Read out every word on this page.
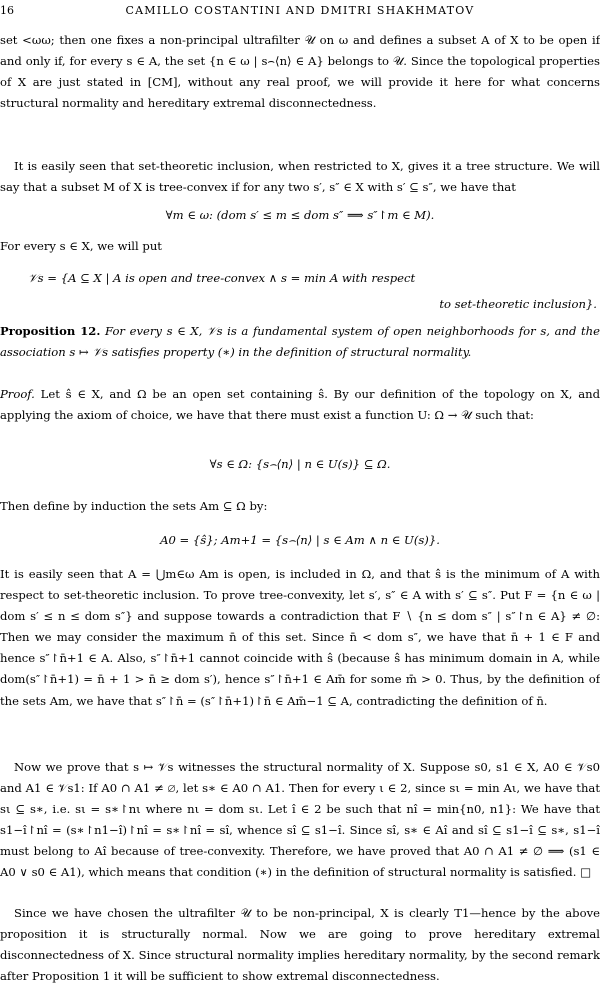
16	CAMILLO COSTANTINI AND DMITRI SHAKHMATOV

set <ωω; then one fixes a non-principal ultrafilter 𝒰 on ω and defines a subset A of X to be open if and only if, for every s ∈ A, the set {n ∈ ω | s⌢⟨n⟩ ∈ A} belongs to 𝒰. Since the topological properties of X are just stated in [CM], without any real proof, we will provide it here for what concerns structural normality and hereditary extremal disconnectedness.

It is easily seen that set-theoretic inclusion, when restricted to X, gives it a tree structure. We will say that a subset M of X is tree-convex if for any two s′, s″ ∈ X with s′ ⊆ s″, we have that

∀m ∈ ω: (dom s′ ≤ m ≤ dom s″ ⟹ s″↾m ∈ M).

For every s ∈ X, we will put

𝒱s = {A ⊆ X | A is open and tree-convex ∧ s = min A with respect
to set-theoretic inclusion}.

Proposition 12. For every s ∈ X, 𝒱s is a fundamental system of open neighborhoods for s, and the association s ↦ 𝒱s satisfies property (∗) in the definition of structural normality.

Proof. Let ŝ ∈ X, and Ω be an open set containing ŝ. By our definition of the topology on X, and applying the axiom of choice, we have that there must exist a function U: Ω → 𝒰 such that:

∀s ∈ Ω: {s⌢⟨n⟩ | n ∈ U(s)} ⊆ Ω.

Then define by induction the sets Am ⊆ Ω by:

A0 = {ŝ}; Am+1 = {s⌢⟨n⟩ | s ∈ Am ∧ n ∈ U(s)}.

It is easily seen that A = ⋃m∈ω Am is open, is included in Ω, and that ŝ is the minimum of A with respect to set-theoretic inclusion. To prove tree-convexity, let s′, s″ ∈ A with s′ ⊆ s″. Put F = {n ∈ ω | dom s′ ≤ n ≤ dom s″} and suppose towards a contradiction that F ∖ {n ≤ dom s″ | s″↾n ∈ A} ≠ ∅: Then we may consider the maximum n̄ of this set. Since n̄ < dom s″, we have that n̄ + 1 ∈ F and hence s″↾n̄+1 ∈ A. Also, s″↾n̄+1 cannot coincide with ŝ (because ŝ has minimum domain in A, while dom(s″↾n̄+1) = n̄ + 1 > n̄ ≥ dom s′), hence s″↾n̄+1 ∈ Am̄ for some m̄ > 0. Thus, by the definition of the sets Am, we have that s″↾n̄ = (s″↾n̄+1)↾n̄ ∈ Am̄−1 ⊆ A, contradicting the definition of n̄.

Now we prove that s ↦ 𝒱s witnesses the structural normality of X. Suppose s0, s1 ∈ X, A0 ∈ 𝒱s0 and A1 ∈ 𝒱s1: If A0 ∩ A1 ≠ ∅, let s∗ ∈ A0 ∩ A1. Then for every ι ∈ 2, since sι = min Aι, we have that sι ⊆ s∗, i.e. sι = s∗↾nι where nι = dom sι. Let î ∈ 2 be such that nî = min{n0, n1}: We have that s1−î↾nî = (s∗↾n1−î)↾nî = s∗↾nî = sî, whence sî ⊆ s1−î. Since sî, s∗ ∈ Aî and sî ⊆ s1−î ⊆ s∗, s1−î must belong to Aî because of tree-convexity. Therefore, we have proved that A0 ∩ A1 ≠ ∅ ⟹ (s1 ∈ A0 ∨ s0 ∈ A1), which means that condition (∗) in the definition of structural normality is satisfied. □

Since we have chosen the ultrafilter 𝒰 to be non-principal, X is clearly T1—hence by the above proposition it is structurally normal. Now we are going to prove hereditary extremal disconnectedness of X. Since structural normality implies hereditary normality, by the second remark after Proposition 1 it will be sufficient to show extremal disconnectedness.
